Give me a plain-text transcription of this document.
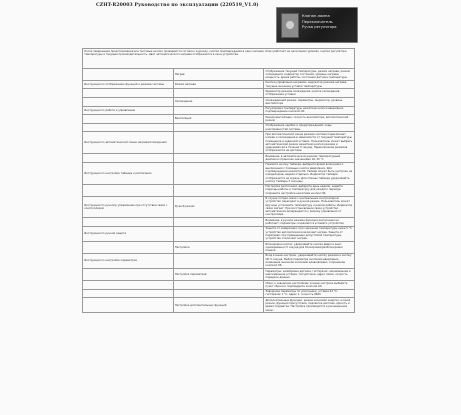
CZHT-R20003 Руководство по эксплуатации (220519_V1.0)
Клапан-лампа
Переключатель
Ручка регулятора
После завершения проектирования все тестовые кнопки проверяются согласно журналу, кнопка подтверждения в одно касание. Ключ работает на нескольких уровнях, кнопка регулятора температуры и текущая производительность. Цвет автоматического нагрева отображается в окне устройства.		
	Нагрев	Отображение текущей температуры, режим нагрева, режим охлаждения, индикатор состояния, уровень нагрева, мощность, время работы, состояние датчика температуры
Инструкция по отображению функций и режима системы	Режим нагрева	Кнопка управления нагревом, индикатор режима нагрева, текущее значение уставки температуры
		Индикатор режима охлаждения, кнопка охлаждения, отображение уставки
	Охлаждение	Охлаждающий режим: параметры, индикатор, уровень вентилятора
Инструкция по работе и управлению		Регулировка температуры нажатием кнопки вверх/вниз, подтверждение кнопкой ОК
	Вентиляция	Режим вентиляции, скорость вентилятора, автоматический режим
		Отображение ошибок и предупреждений, коды неисправностей системы
Инструкция по автоматической смене нагрева/охлаждения		При автоматической смене режима система переключает нагрев и охлаждение в зависимости от текущей температуры помещения и заданной уставки. Пользователь может выбрать автоматический режим нажатием кнопки режима и удерживая её в течение 3 секунд. Переключение режимов отображается на дисплее.
		Внимание: в автоматическом режиме температурный диапазон ограничен значениями 16–30 °C
Инструкция по настройке таймера и расписания		Нажмите кнопку таймера, выберите время включения и выключения с помощью кнопок вверх/вниз. Для подтверждения нажмите ОК. Таймер может быть настроен на каждый день недели отдельно. Индикатор таймера отображается на экране. Для отмены таймера удерживайте кнопку таймера 3 секунды.
		Настройка расписания: выберите день недели, задайте периоды работы и температуру для каждого периода. Сохраните настройки нажатием кнопки ОК.
Инструкция по ручному управлению при отсутствии связи с контроллером	Ручной режим	В случае потери связи с центральным контроллером устройство переходит в ручной режим. Пользователь может вручную установить температуру и режим работы. Индикатор связи мигает. При восстановлении связи устройство автоматически возвращается к режиму управления от контроллера.
		Внимание: в ручном режиме функции расписания не работают, параметры сохраняются в памяти устройства
Инструкция по ручной защите		Защита от замерзания: при снижении температуры ниже 5 °C устройство автоматически включает нагрев. Защита от перегрева: при превышении допустимой температуры устройство отключает нагрев.
	Настройки	Блокировка кнопок: удерживайте кнопки вверх и вниз одновременно 5 секунд для блокировки/разблокировки панели
Инструкция по настройке параметров		Вход в меню настроек: удерживайте кнопку режима и кнопку ОК 5 секунд. Выбор параметра кнопками вверх/вниз, изменение значения кнопками влево/вправо, сохранение кнопкой ОК.
	Настройка параметров	Параметры: калибровка датчика, гистерезис, минимальная и максимальная уставка, тип датчика, адрес связи, скорость передачи данных
		Сброс к заводским настройкам: в меню настроек выберите пункт сброса и подтвердите кнопкой ОК
		Заводские параметры по умолчанию: уставка 22 °C, гистерезис 1 °C, адрес 1, скорость 9600
	Настройка дополнительных функций	Дополнительные функции: режим экономии энергии, ночной режим, функция присутствия, подсветка дисплея, яркость и время подсветки. Настройка производится в расширенном меню.
